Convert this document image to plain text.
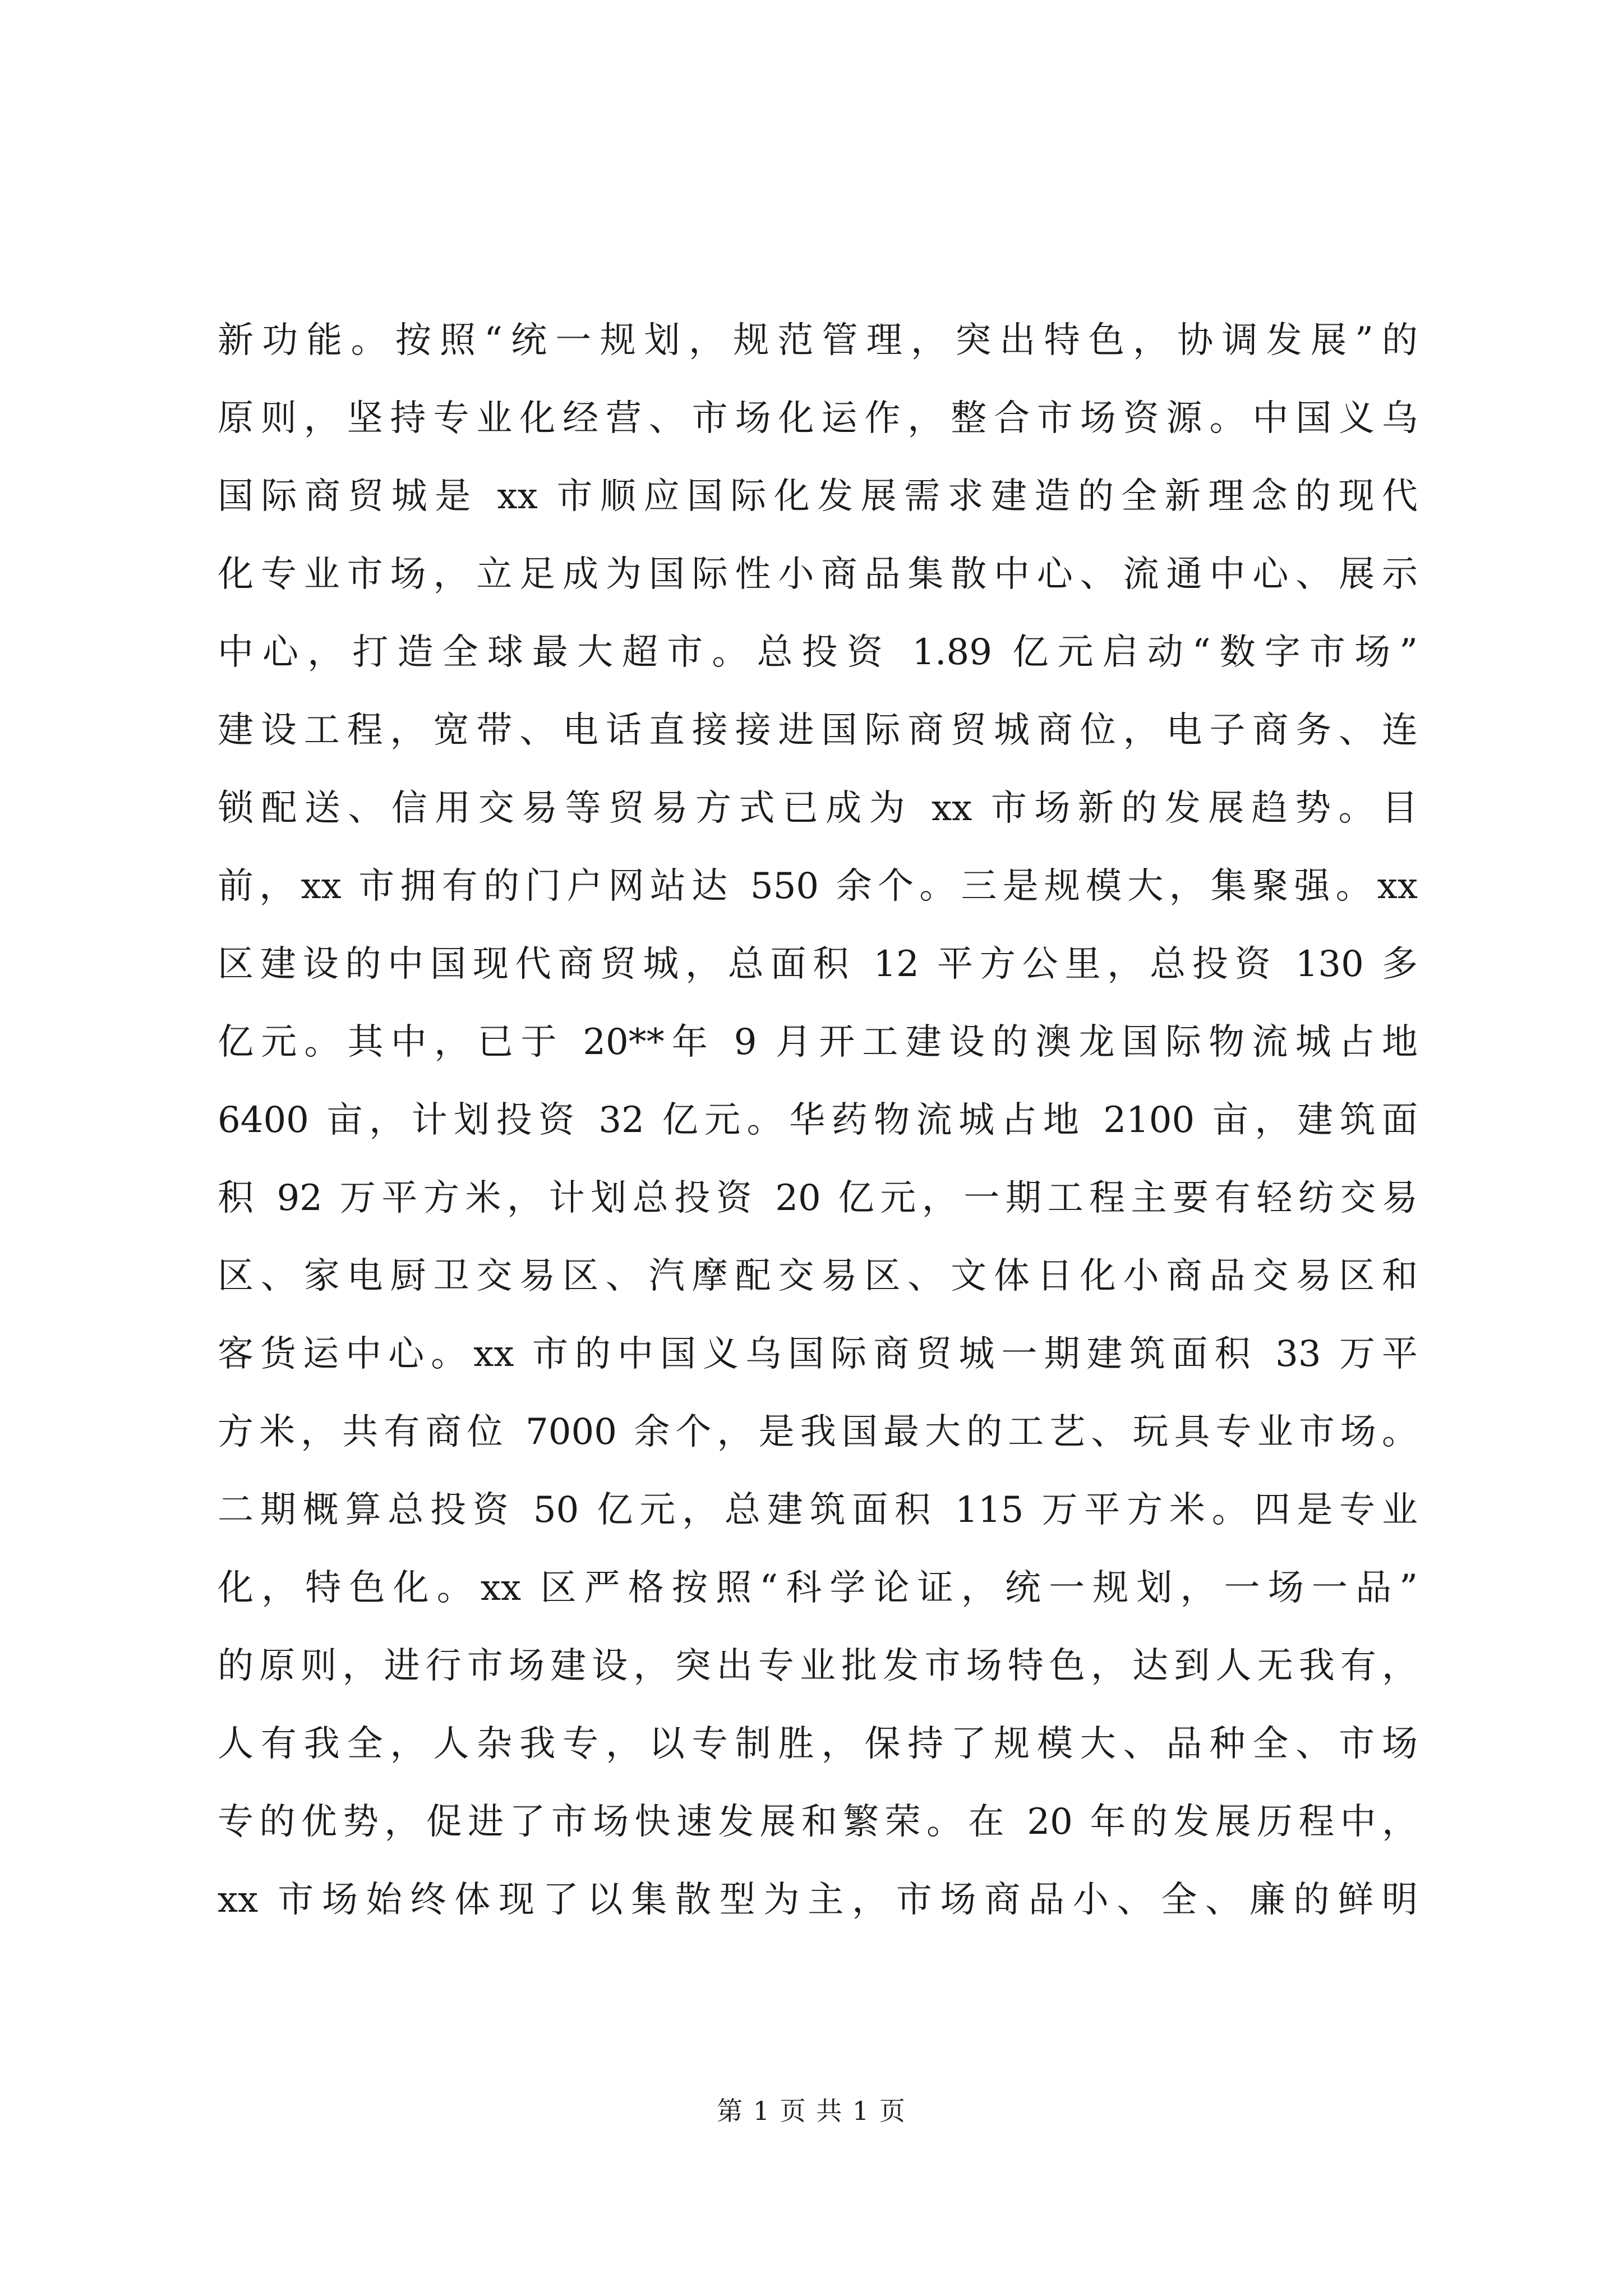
新功能。按照“统一规划，规范管理，突出特色，协调发展”的
原则，坚持专业化经营、市场化运作，整合市场资源。中国义乌
国际商贸城是 xx 市顺应国际化发展需求建造的全新理念的现代
化专业市场，立足成为国际性小商品集散中心、流通中心、展示
中心，打造全球最大超市。总投资 1.89 亿元启动“数字市场”
建设工程，宽带、电话直接接进国际商贸城商位，电子商务、连
锁配送、信用交易等贸易方式已成为 xx 市场新的发展趋势。目
前，xx 市拥有的门户网站达 550 余个。三是规模大，集聚强。xx
区建设的中国现代商贸城，总面积 12 平方公里，总投资 130 多
亿元。其中，已于 20**年 9 月开工建设的澳龙国际物流城占地
6400 亩，计划投资 32 亿元。华药物流城占地 2100 亩，建筑面
积 92 万平方米，计划总投资 20 亿元，一期工程主要有轻纺交易
区、家电厨卫交易区、汽摩配交易区、文体日化小商品交易区和
客货运中心。xx 市的中国义乌国际商贸城一期建筑面积 33 万平
方米，共有商位 7000 余个，是我国最大的工艺、玩具专业市场。
二期概算总投资 50 亿元，总建筑面积 115 万平方米。四是专业
化，特色化。xx 区严格按照“科学论证，统一规划，一场一品”
的原则，进行市场建设，突出专业批发市场特色，达到人无我有，
人有我全，人杂我专，以专制胜，保持了规模大、品种全、市场
专的优势，促进了市场快速发展和繁荣。在 20 年的发展历程中，
xx 市场始终体现了以集散型为主，市场商品小、全、廉的鲜明
第 1 页 共 1 页
